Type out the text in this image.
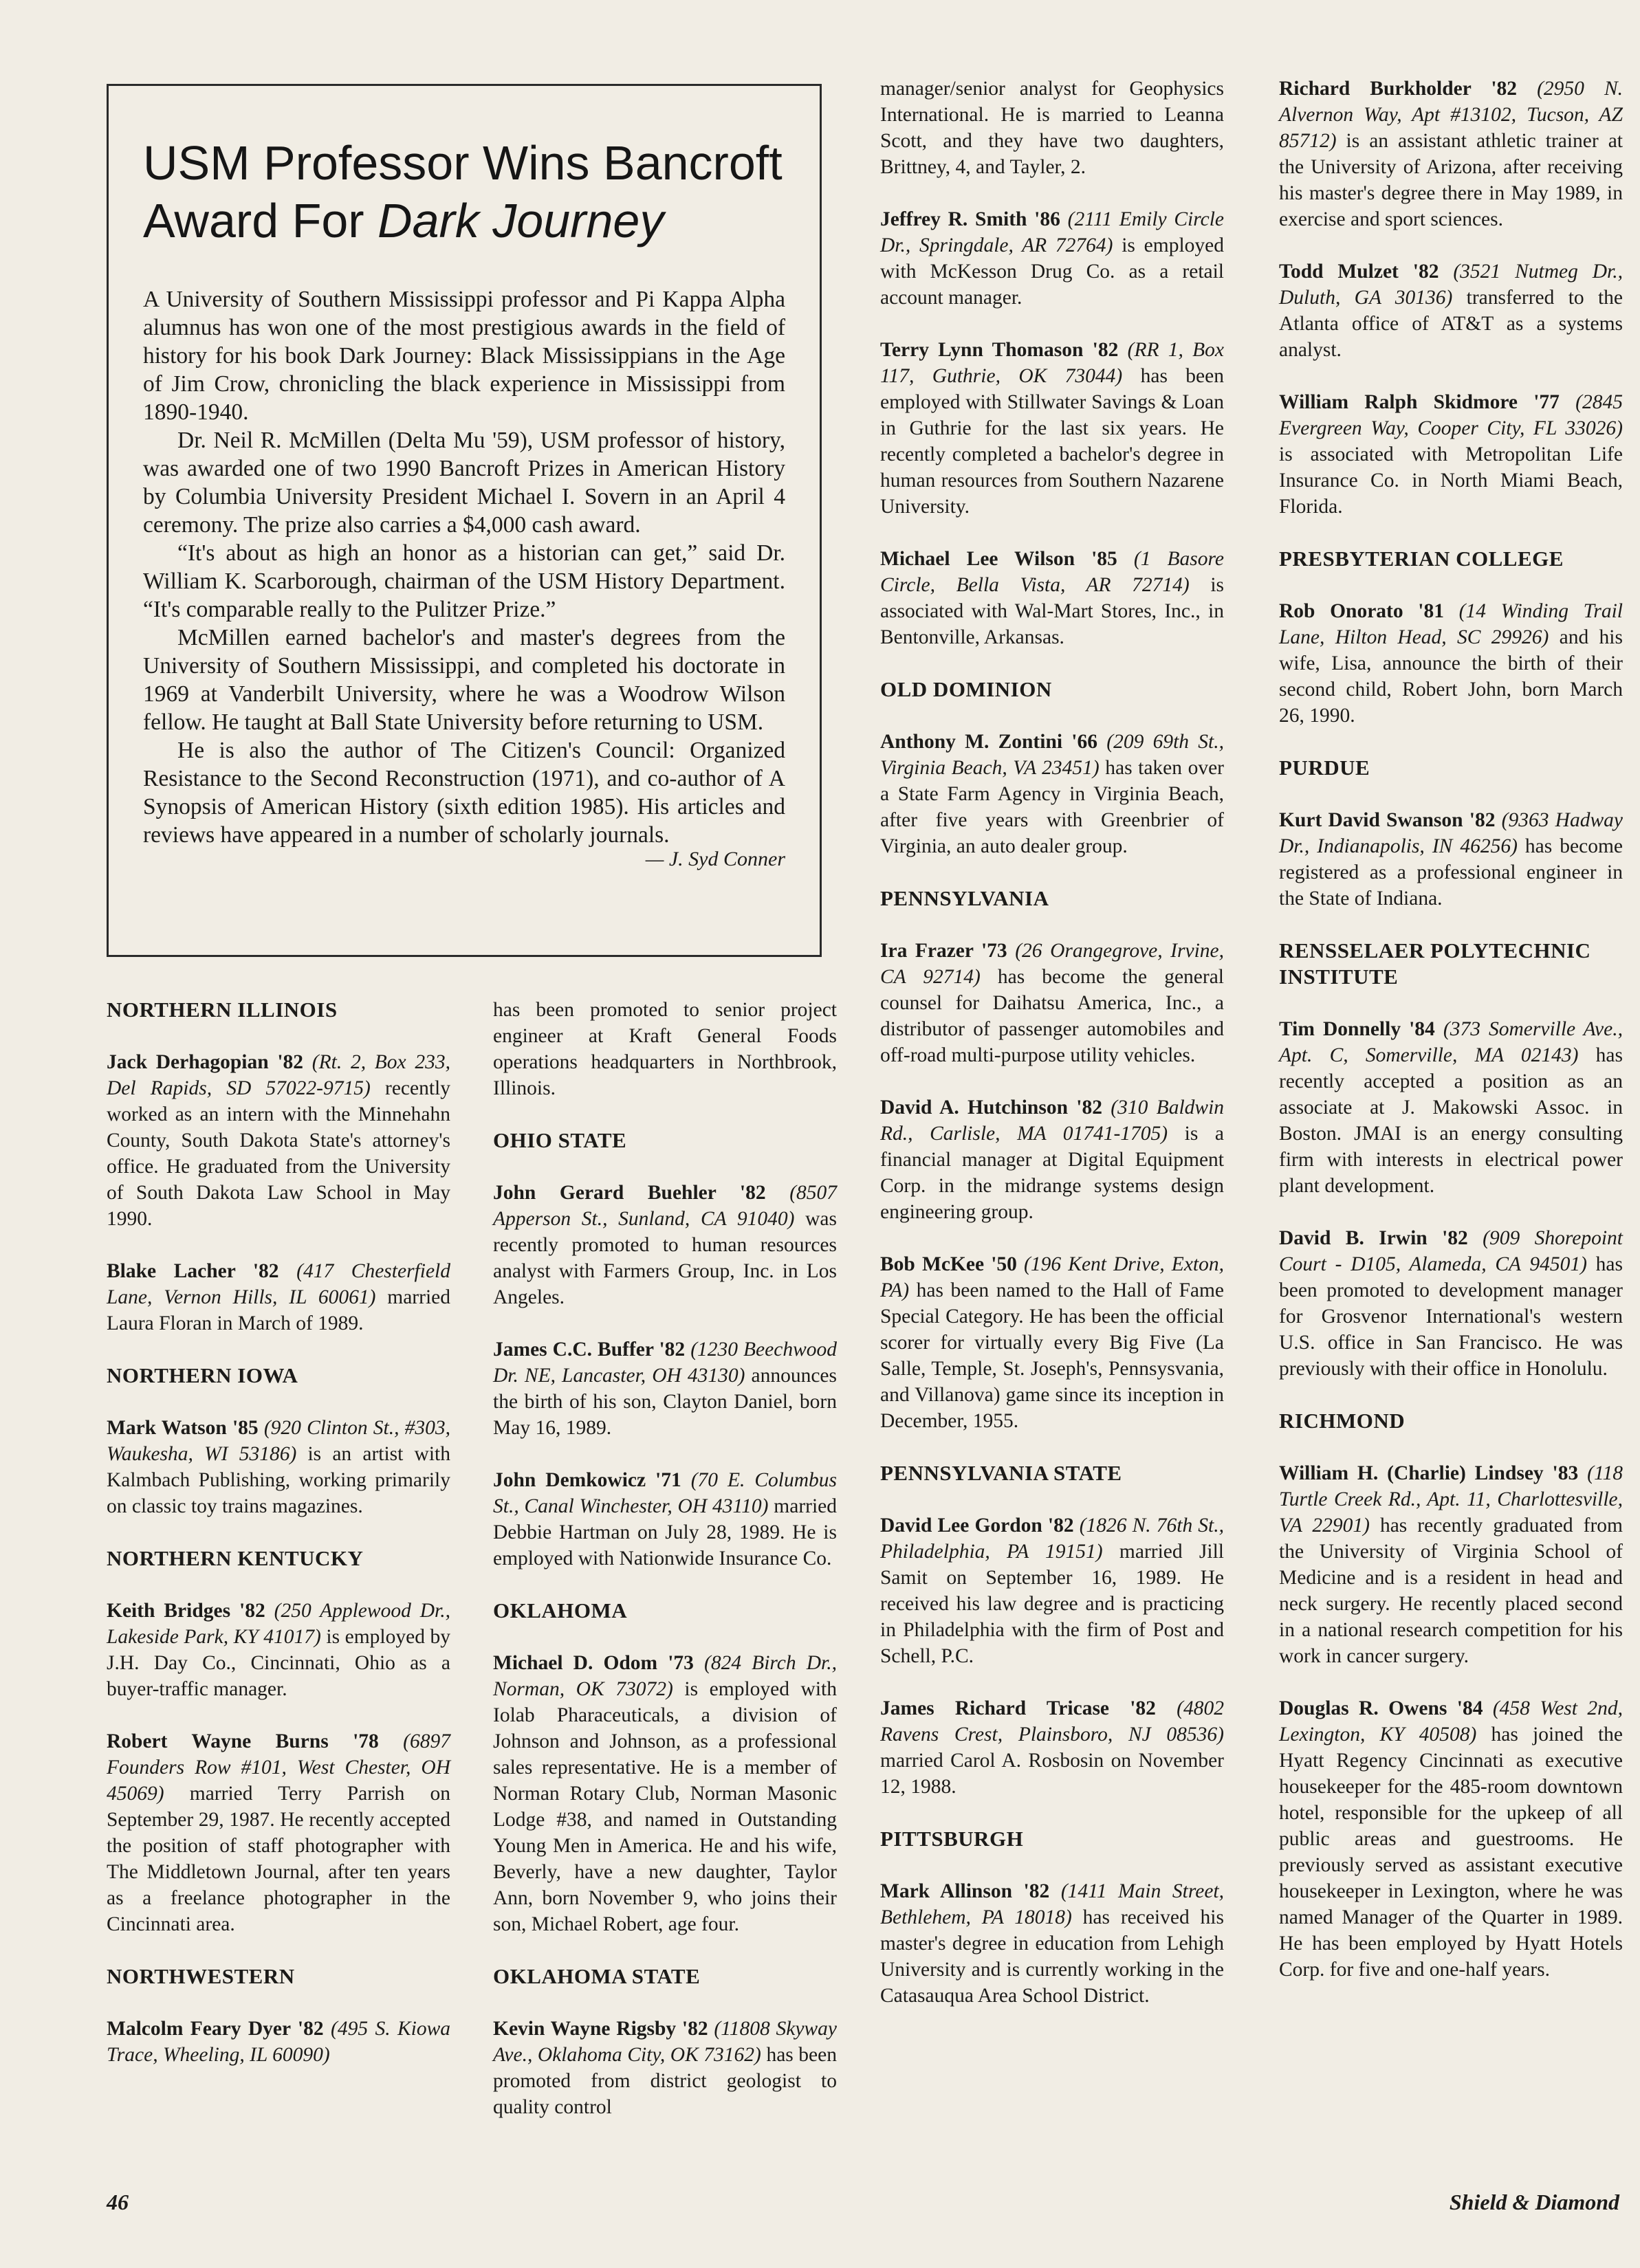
USM Professor Wins Bancroft Award For Dark Journey

A University of Southern Mississippi professor and Pi Kappa Alpha alumnus has won one of the most prestigious awards in the field of history for his book Dark Journey: Black Mississippians in the Age of Jim Crow, chronicling the black experience in Mississippi from 1890-1940.

Dr. Neil R. McMillen (Delta Mu '59), USM professor of history, was awarded one of two 1990 Bancroft Prizes in American History by Columbia University President Michael I. Sovern in an April 4 ceremony. The prize also carries a $4,000 cash award.

“It's about as high an honor as a historian can get,” said Dr. William K. Scarborough, chairman of the USM History Department. “It's comparable really to the Pulitzer Prize.”

McMillen earned bachelor's and master's degrees from the University of Southern Mississippi, and completed his doctorate in 1969 at Vanderbilt University, where he was a Woodrow Wilson fellow. He taught at Ball State University before returning to USM.

He is also the author of The Citizen's Council: Organized Resistance to the Second Reconstruction (1971), and co-author of A Synopsis of American History (sixth edition 1985). His articles and reviews have appeared in a number of scholarly journals.

— J. Syd Conner
NORTHERN ILLINOIS
Jack Derhagopian '82 (Rt. 2, Box 233, Del Rapids, SD 57022-9715) recently worked as an intern with the Minnehahn County, South Dakota State's attorney's office. He graduated from the University of South Dakota Law School in May 1990.
Blake Lacher '82 (417 Chesterfield Lane, Vernon Hills, IL 60061) married Laura Floran in March of 1989.
NORTHERN IOWA
Mark Watson '85 (920 Clinton St., #303, Waukesha, WI 53186) is an artist with Kalmbach Publishing, working primarily on classic toy trains magazines.
NORTHERN KENTUCKY
Keith Bridges '82 (250 Applewood Dr., Lakeside Park, KY 41017) is employed by J.H. Day Co., Cincinnati, Ohio as a buyer-traffic manager.
Robert Wayne Burns '78 (6897 Founders Row #101, West Chester, OH 45069) married Terry Parrish on September 29, 1987. He recently accepted the position of staff photographer with The Middletown Journal, after ten years as a freelance photographer in the Cincinnati area.
NORTHWESTERN
Malcolm Feary Dyer '82 (495 S. Kiowa Trace, Wheeling, IL 60090)
has been promoted to senior project engineer at Kraft General Foods operations headquarters in Northbrook, Illinois.
OHIO STATE
John Gerard Buehler '82 (8507 Apperson St., Sunland, CA 91040) was recently promoted to human resources analyst with Farmers Group, Inc. in Los Angeles.
James C.C. Buffer '82 (1230 Beechwood Dr. NE, Lancaster, OH 43130) announces the birth of his son, Clayton Daniel, born May 16, 1989.
John Demkowicz '71 (70 E. Columbus St., Canal Winchester, OH 43110) married Debbie Hartman on July 28, 1989. He is employed with Nationwide Insurance Co.
OKLAHOMA
Michael D. Odom '73 (824 Birch Dr., Norman, OK 73072) is employed with Iolab Pharaceuticals, a division of Johnson and Johnson, as a professional sales representative. He is a member of Norman Rotary Club, Norman Masonic Lodge #38, and named in Outstanding Young Men in America. He and his wife, Beverly, have a new daughter, Taylor Ann, born November 9, who joins their son, Michael Robert, age four.
OKLAHOMA STATE
Kevin Wayne Rigsby '82 (11808 Skyway Ave., Oklahoma City, OK 73162) has been promoted from district geologist to quality control
manager/senior analyst for Geophysics International. He is married to Leanna Scott, and they have two daughters, Brittney, 4, and Tayler, 2.
Jeffrey R. Smith '86 (2111 Emily Circle Dr., Springdale, AR 72764) is employed with McKesson Drug Co. as a retail account manager.
Terry Lynn Thomason '82 (RR 1, Box 117, Guthrie, OK 73044) has been employed with Stillwater Savings & Loan in Guthrie for the last six years. He recently completed a bachelor's degree in human resources from Southern Nazarene University.
Michael Lee Wilson '85 (1 Basore Circle, Bella Vista, AR 72714) is associated with Wal-Mart Stores, Inc., in Bentonville, Arkansas.
OLD DOMINION
Anthony M. Zontini '66 (209 69th St., Virginia Beach, VA 23451) has taken over a State Farm Agency in Virginia Beach, after five years with Greenbrier of Virginia, an auto dealer group.
PENNSYLVANIA
Ira Frazer '73 (26 Orangegrove, Irvine, CA 92714) has become the general counsel for Daihatsu America, Inc., a distributor of passenger automobiles and off-road multi-purpose utility vehicles.
David A. Hutchinson '82 (310 Baldwin Rd., Carlisle, MA 01741-1705) is a financial manager at Digital Equipment Corp. in the midrange systems design engineering group.
Bob McKee '50 (196 Kent Drive, Exton, PA) has been named to the Hall of Fame Special Category. He has been the official scorer for virtually every Big Five (La Salle, Temple, St. Joseph's, Pennsysvania, and Villanova) game since its inception in December, 1955.
PENNSYLVANIA STATE
David Lee Gordon '82 (1826 N. 76th St., Philadelphia, PA 19151) married Jill Samit on September 16, 1989. He received his law degree and is practicing in Philadelphia with the firm of Post and Schell, P.C.
James Richard Tricase '82 (4802 Ravens Crest, Plainsboro, NJ 08536) married Carol A. Rosbosin on November 12, 1988.
PITTSBURGH
Mark Allinson '82 (1411 Main Street, Bethlehem, PA 18018) has received his master's degree in education from Lehigh University and is currently working in the Catasauqua Area School District.
Richard Burkholder '82 (2950 N. Alvernon Way, Apt #13102, Tucson, AZ 85712) is an assistant athletic trainer at the University of Arizona, after receiving his master's degree there in May 1989, in exercise and sport sciences.
Todd Mulzet '82 (3521 Nutmeg Dr., Duluth, GA 30136) transferred to the Atlanta office of AT&T as a systems analyst.
William Ralph Skidmore '77 (2845 Evergreen Way, Cooper City, FL 33026) is associated with Metropolitan Life Insurance Co. in North Miami Beach, Florida.
PRESBYTERIAN COLLEGE
Rob Onorato '81 (14 Winding Trail Lane, Hilton Head, SC 29926) and his wife, Lisa, announce the birth of their second child, Robert John, born March 26, 1990.
PURDUE
Kurt David Swanson '82 (9363 Hadway Dr., Indianapolis, IN 46256) has become registered as a professional engineer in the State of Indiana.
RENSSELAER POLYTECHNIC INSTITUTE
Tim Donnelly '84 (373 Somerville Ave., Apt. C, Somerville, MA 02143) has recently accepted a position as an associate at J. Makowski Assoc. in Boston. JMAI is an energy consulting firm with interests in electrical power plant development.
David B. Irwin '82 (909 Shorepoint Court - D105, Alameda, CA 94501) has been promoted to development manager for Grosvenor International's western U.S. office in San Francisco. He was previously with their office in Honolulu.
RICHMOND
William H. (Charlie) Lindsey '83 (118 Turtle Creek Rd., Apt. 11, Charlottesville, VA 22901) has recently graduated from the University of Virginia School of Medicine and is a resident in head and neck surgery. He recently placed second in a national research competition for his work in cancer surgery.
Douglas R. Owens '84 (458 West 2nd, Lexington, KY 40508) has joined the Hyatt Regency Cincinnati as executive housekeeper for the 485-room downtown hotel, responsible for the upkeep of all public areas and guestrooms. He previously served as assistant executive housekeeper in Lexington, where he was named Manager of the Quarter in 1989. He has been employed by Hyatt Hotels Corp. for five and one-half years.
46	Shield & Diamond
